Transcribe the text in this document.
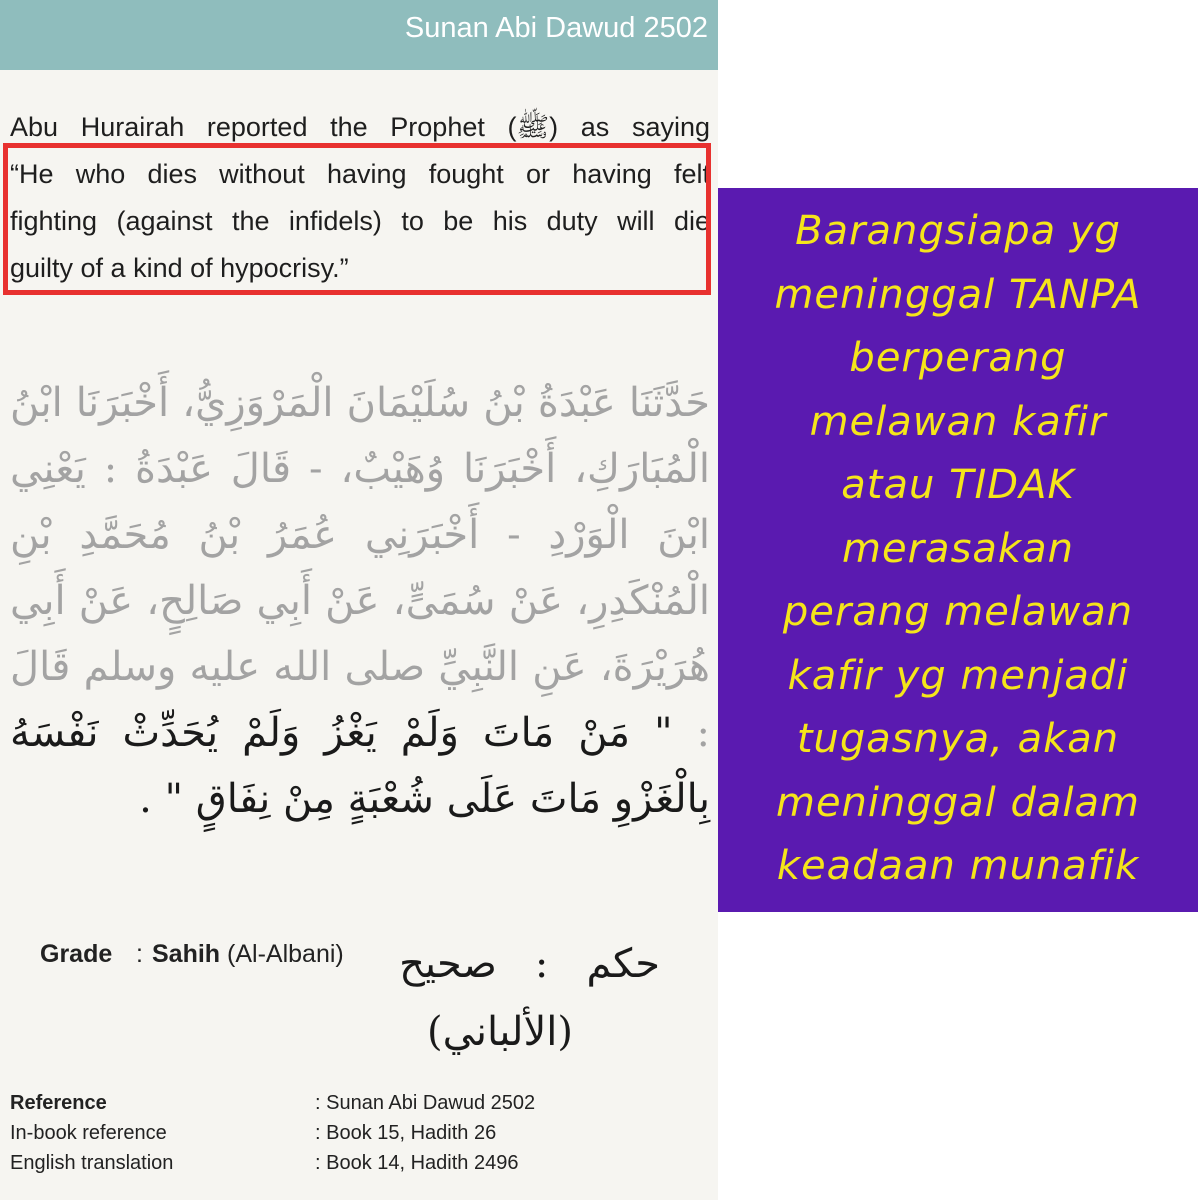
Sunan Abi Dawud 2502
Abu Hurairah reported the Prophet (ﷺ) as saying
“He who dies without having fought or having felt
fighting (against the infidels) to be his duty will die
guilty of a kind of hypocrisy.”
حَدَّثَنَا عَبْدَةُ بْنُ سُلَيْمَانَ الْمَرْوَزِيُّ، أَخْبَرَنَا ابْنُ الْمُبَارَكِ، أَخْبَرَنَا وُهَيْبٌ، - قَالَ عَبْدَةُ : يَعْنِي ابْنَ الْوَرْدِ - أَخْبَرَنِي عُمَرُ بْنُ مُحَمَّدِ بْنِ الْمُنْكَدِرِ، عَنْ سُمَىٍّ، عَنْ أَبِي صَالِحٍ، عَنْ أَبِي هُرَيْرَةَ، عَنِ النَّبِيِّ صلى الله عليه وسلم قَالَ : " مَنْ مَاتَ وَلَمْ يَغْزُ وَلَمْ يُحَدِّثْ نَفْسَهُ بِالْغَزْوِ مَاتَ عَلَى شُعْبَةٍ مِنْ نِفَاقٍ " .
Grade : Sahih (Al-Albani)	حكم   :   صحيح
(الألباني)
Reference	: Sunan Abi Dawud 2502
In-book reference	: Book 15, Hadith 26
English translation	: Book 14, Hadith 2496
Barangsiapa yg
meninggal TANPA
berperang
melawan kafir
atau TIDAK
merasakan
perang melawan
kafir yg menjadi
tugasnya, akan
meninggal dalam
keadaan munafik
